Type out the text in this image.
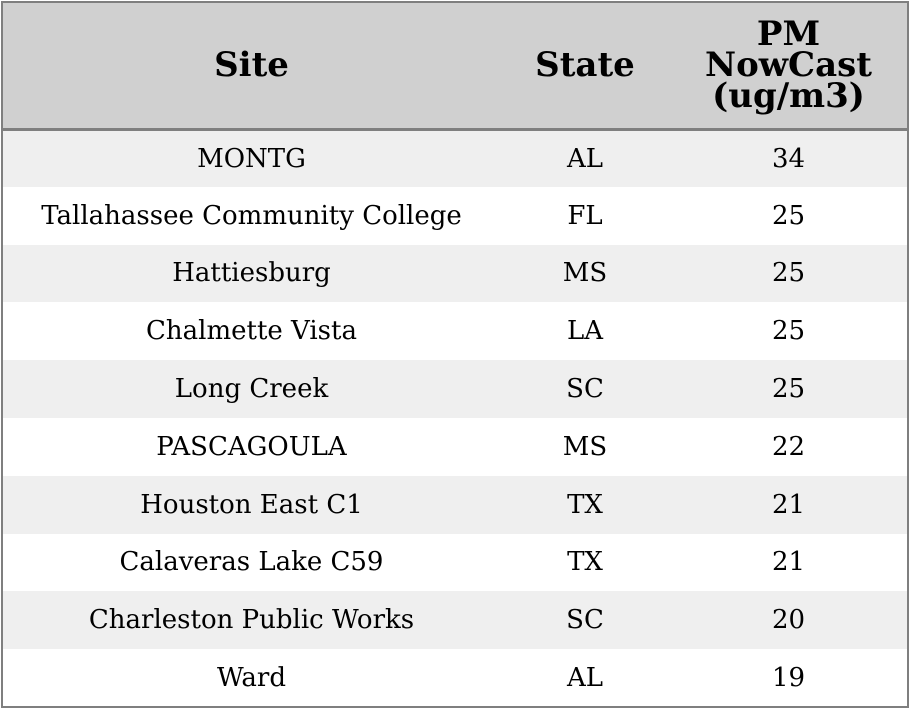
Site	State	PM
NowCast
(ug/m3)
MONTG	AL	34
Tallahassee Community College	FL	25
Hattiesburg	MS	25
Chalmette Vista	LA	25
Long Creek	SC	25
PASCAGOULA	MS	22
Houston East C1	TX	21
Calaveras Lake C59	TX	21
Charleston Public Works	SC	20
Ward	AL	19
